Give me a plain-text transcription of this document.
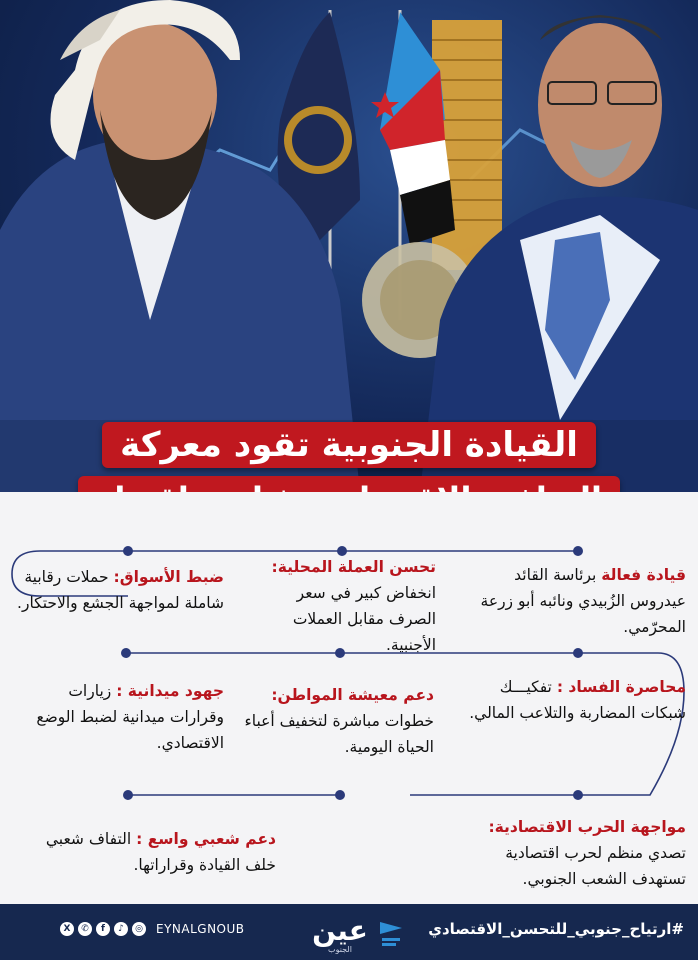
القيادة الجنوبية تقود معركة
قيادة فعالة برئاسة القائد عيدروس الزُبيدي ونائبه أبو زرعة المحرّمي.
تحسن العملة المحلية:
انخفاض كبير في سعر الصرف مقابل العملات الأجنبية.
ضبط الأسواق: حملات رقابية شاملة لمواجهة الجشع والاحتكار.
محاصرة الفساد : تفكيـــك شبكات المضاربة والتلاعب المالي.
دعم معيشة المواطن:
خطوات مباشرة لتخفيف أعباء الحياة اليومية.
جهود ميدانية : زيارات وقرارات ميدانية لضبط الوضع الاقتصادي.
مواجهة الحرب الاقتصادية:
تصدي منظم لحرب اقتصادية تستهدف الشعب الجنوبي.
دعم شعبي واسع : التفاف شعبي خلف القيادة وقراراتها.
X	✆	f	♪	◎ EYNALGNOUB عين
الجنوب
#ارتياح_جنوبي_للتحسن_الاقتصادي
